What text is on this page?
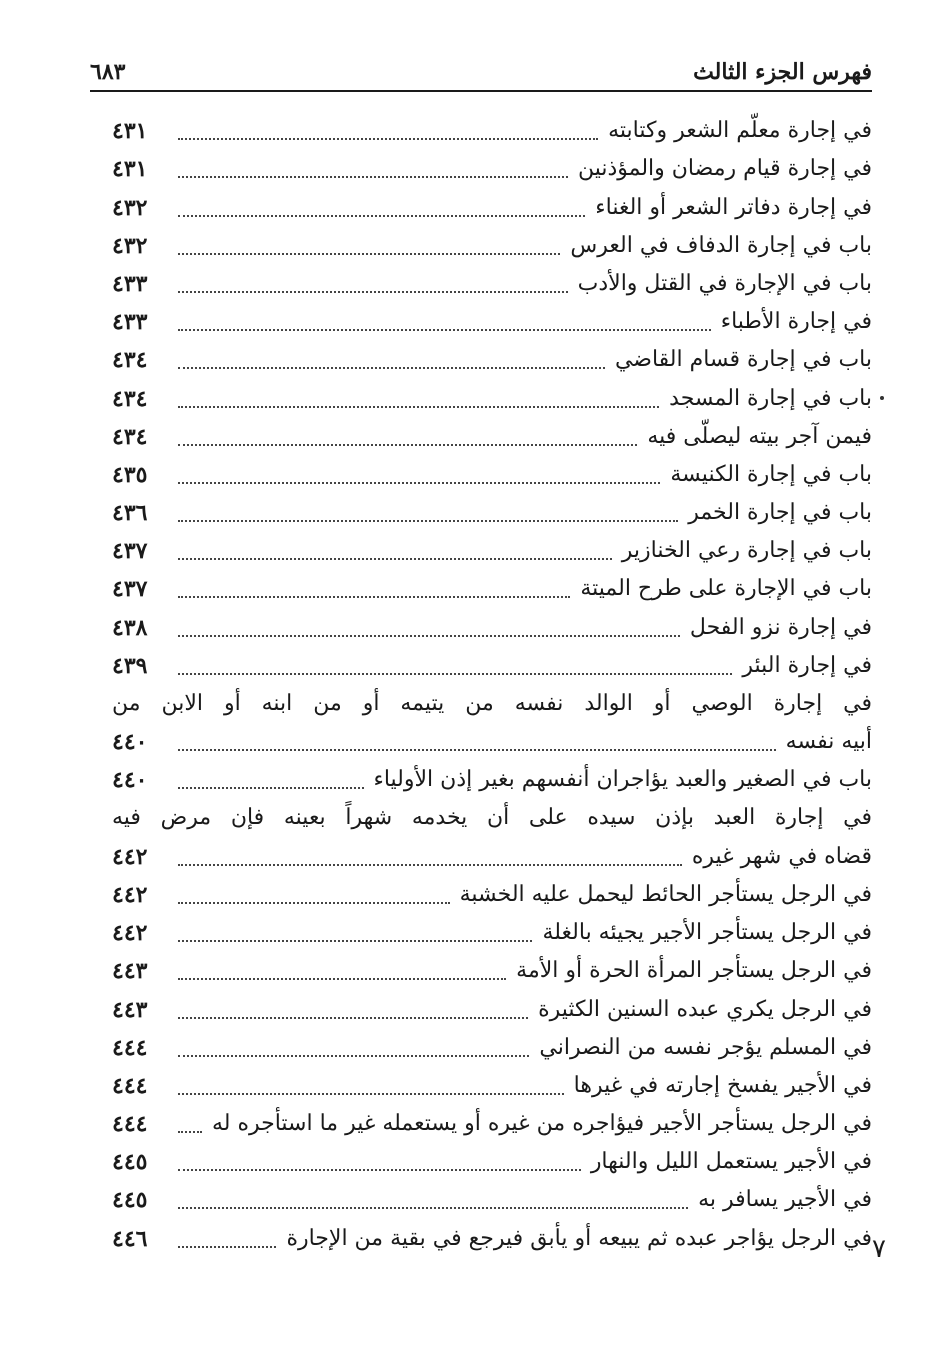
فهرس الجزء الثالث
٦٨٣
في إجارة معلّم الشعر وكتابته
٤٣١
في إجارة قيام رمضان والمؤذنين
٤٣١
في إجارة دفاتر الشعر أو الغناء
٤٣٢
باب في إجارة الدفاف في العرس
٤٣٢
باب في الإجارة في القتل والأدب
٤٣٣
في إجارة الأطباء
٤٣٣
باب في إجارة قسام القاضي
٤٣٤
باب في إجارة المسجد
٤٣٤
فيمن آجر بيته ليصلّى فيه
٤٣٤
باب في إجارة الكنيسة
٤٣٥
باب في إجارة الخمر
٤٣٦
باب في إجارة رعي الخنازير
٤٣٧
باب في الإجارة على طرح الميتة
٤٣٧
في إجارة نزو الفحل
٤٣٨
في إجارة البئر
٤٣٩
في إجارة الوصي أو الوالد نفسه من يتيمه أو من ابنه أو الابن من
أبيه نفسه
٤٤٠
باب في الصغير والعبد يؤاجران أنفسهم بغير إذن الأولياء
٤٤٠
في إجارة العبد بإذن سيده على أن يخدمه شهراً بعينه فإن مرض فيه
قضاه في شهر غيره
٤٤٢
في الرجل يستأجر الحائط ليحمل عليه الخشبة
٤٤٢
في الرجل يستأجر الأجير يجيئه بالغلة
٤٤٢
في الرجل يستأجر المرأة الحرة أو الأمة
٤٤٣
في الرجل يكري عبده السنين الكثيرة
٤٤٣
في المسلم يؤجر نفسه من النصراني
٤٤٤
في الأجير يفسخ إجارته في غيرها
٤٤٤
في الرجل يستأجر الأجير فيؤاجره من غيره أو يستعمله غير ما استأجره له
٤٤٤
في الأجير يستعمل الليل والنهار
٤٤٥
في الأجير يسافر به
٤٤٥
في الرجل يؤاجر عبده ثم يبيعه أو يأبق فيرجع في بقية من الإجارة
٤٤٦	٧
